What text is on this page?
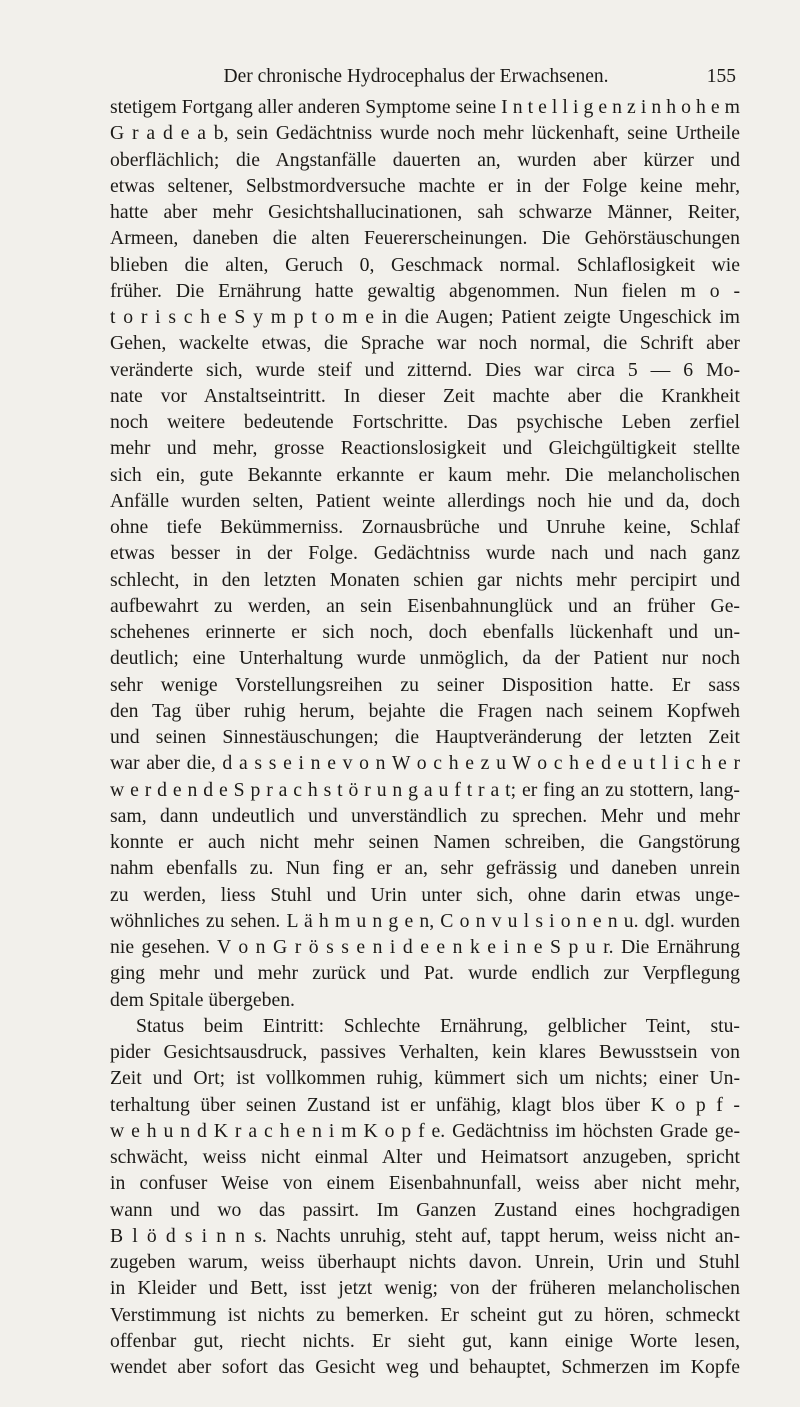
Der chronische Hydrocephalus der Erwachsenen.	155
stetigem Fortgang aller anderen Symptome seine I n t e l l i g e n z i n h o h e m
G r a d e a b, sein Gedächtniss wurde noch mehr lückenhaft, seine Urtheile
oberflächlich; die Angstanfälle dauerten an, wurden aber kürzer und
etwas seltener, Selbstmordversuche machte er in der Folge keine mehr,
hatte aber mehr Gesichtshallucinationen, sah schwarze Männer, Reiter,
Armeen, daneben die alten Feuererscheinungen. Die Gehörstäuschungen
blieben die alten, Geruch 0, Geschmack normal. Schlaflosigkeit wie
früher. Die Ernährung hatte gewaltig abgenommen. Nun fielen m o -
t o r i s c h e S y m p t o m e in die Augen; Patient zeigte Ungeschick im
Gehen, wackelte etwas, die Sprache war noch normal, die Schrift aber
veränderte sich, wurde steif und zitternd. Dies war circa 5 — 6 Mo-
nate vor Anstaltseintritt. In dieser Zeit machte aber die Krankheit
noch weitere bedeutende Fortschritte. Das psychische Leben zerfiel
mehr und mehr, grosse Reactionslosigkeit und Gleichgültigkeit stellte
sich ein, gute Bekannte erkannte er kaum mehr. Die melancholischen
Anfälle wurden selten, Patient weinte allerdings noch hie und da, doch
ohne tiefe Bekümmerniss. Zornausbrüche und Unruhe keine, Schlaf
etwas besser in der Folge. Gedächtniss wurde nach und nach ganz
schlecht, in den letzten Monaten schien gar nichts mehr percipirt und
aufbewahrt zu werden, an sein Eisenbahnunglück und an früher Ge-
schehenes erinnerte er sich noch, doch ebenfalls lückenhaft und un-
deutlich; eine Unterhaltung wurde unmöglich, da der Patient nur noch
sehr wenige Vorstellungsreihen zu seiner Disposition hatte. Er sass
den Tag über ruhig herum, bejahte die Fragen nach seinem Kopfweh
und seinen Sinnestäuschungen; die Hauptveränderung der letzten Zeit
war aber die, d a s s e i n e v o n W o c h e z u W o c h e d e u t l i c h e r
w e r d e n d e S p r a c h s t ö r u n g a u f t r a t; er fing an zu stottern, lang-
sam, dann undeutlich und unverständlich zu sprechen. Mehr und mehr
konnte er auch nicht mehr seinen Namen schreiben, die Gangstörung
nahm ebenfalls zu. Nun fing er an, sehr gefrässig und daneben unrein
zu werden, liess Stuhl und Urin unter sich, ohne darin etwas unge-
wöhnliches zu sehen. L ä h m u n g e n, C o n v u l s i o n e n u. dgl. wurden
nie gesehen. V o n G r ö s s e n i d e e n k e i n e S p u r. Die Ernährung
ging mehr und mehr zurück und Pat. wurde endlich zur Verpflegung
dem Spitale übergeben.
Status beim Eintritt: Schlechte Ernährung, gelblicher Teint, stu-
pider Gesichtsausdruck, passives Verhalten, kein klares Bewusstsein von
Zeit und Ort; ist vollkommen ruhig, kümmert sich um nichts; einer Un-
terhaltung über seinen Zustand ist er unfähig, klagt blos über K o p f -
w e h u n d K r a c h e n i m K o p f e. Gedächtniss im höchsten Grade ge-
schwächt, weiss nicht einmal Alter und Heimatsort anzugeben, spricht
in confuser Weise von einem Eisenbahnunfall, weiss aber nicht mehr,
wann und wo das passirt. Im Ganzen Zustand eines hochgradigen
B l ö d s i n n s. Nachts unruhig, steht auf, tappt herum, weiss nicht an-
zugeben warum, weiss überhaupt nichts davon. Unrein, Urin und Stuhl
in Kleider und Bett, isst jetzt wenig; von der früheren melancholischen
Verstimmung ist nichts zu bemerken. Er scheint gut zu hören, schmeckt
offenbar gut, riecht nichts. Er sieht gut, kann einige Worte lesen,
wendet aber sofort das Gesicht weg und behauptet, Schmerzen im Kopfe
